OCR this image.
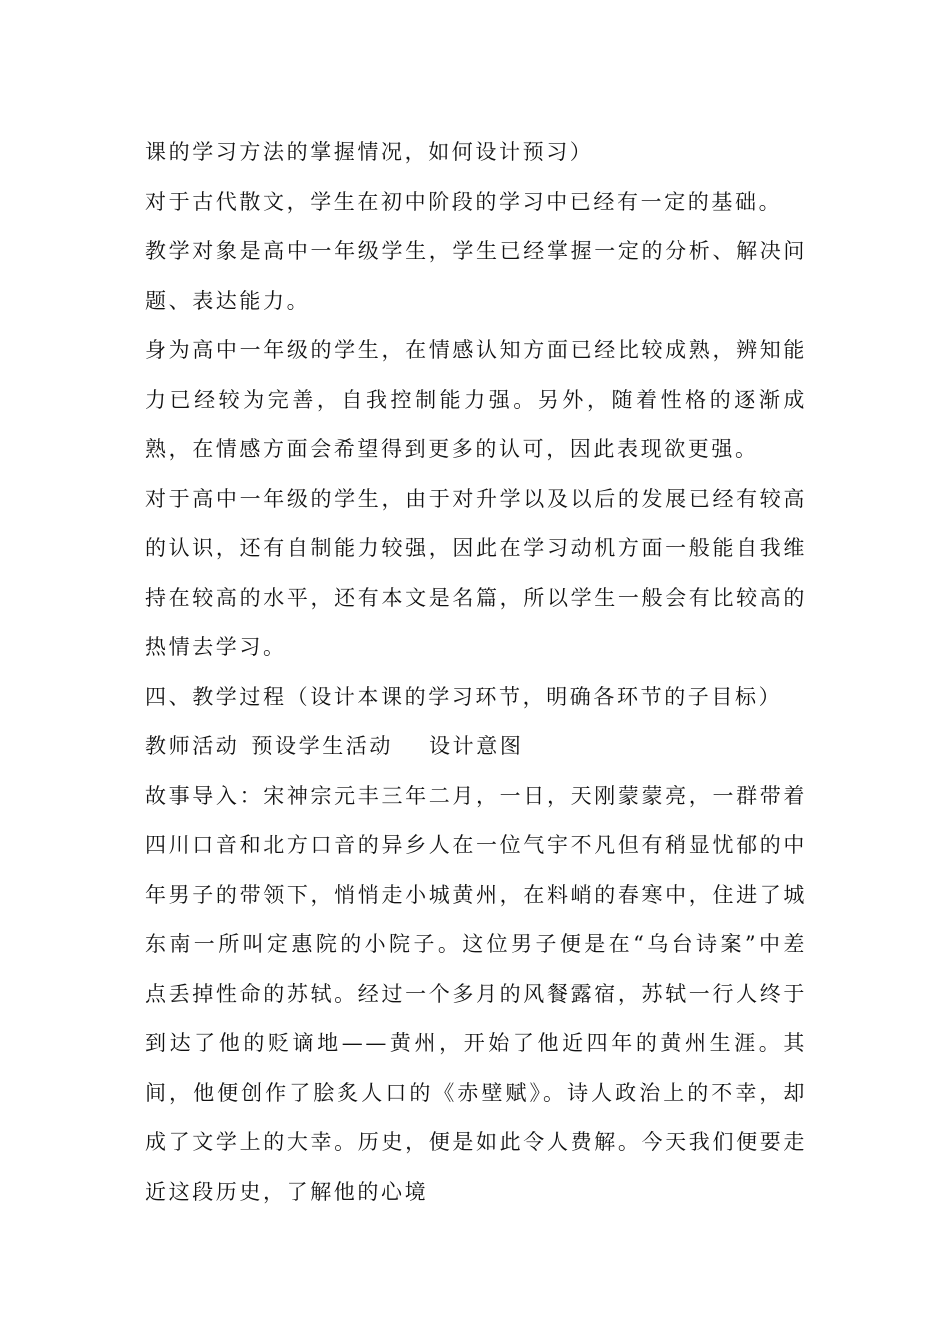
课的学习方法的掌握情况，如何设计预习）

对于古代散文，学生在初中阶段的学习中已经有一定的基础。

教学对象是高中一年级学生，学生已经掌握一定的分析、解决问题、表达能力。

身为高中一年级的学生，在情感认知方面已经比较成熟，辨知能力已经较为完善，自我控制能力强。另外，随着性格的逐渐成熟，在情感方面会希望得到更多的认可，因此表现欲更强。

对于高中一年级的学生，由于对升学以及以后的发展已经有较高的认识，还有自制能力较强，因此在学习动机方面一般能自我维持在较高的水平，还有本文是名篇，所以学生一般会有比较高的热情去学习。

四、教学过程（设计本课的学习环节，明确各环节的子目标）

教师活动 预设学生活动 设计意图

故事导入：宋神宗元丰三年二月，一日，天刚蒙蒙亮，一群带着四川口音和北方口音的异乡人在一位气宇不凡但有稍显忧郁的中年男子的带领下，悄悄走小城黄州，在料峭的春寒中，住进了城东南一所叫定惠院的小院子。这位男子便是在“乌台诗案”中差点丢掉性命的苏轼。经过一个多月的风餐露宿，苏轼一行人终于到达了他的贬谪地——黄州，开始了他近四年的黄州生涯。其间，他便创作了脍炙人口的《赤壁赋》。诗人政治上的不幸，却成了文学上的大幸。历史，便是如此令人费解。今天我们便要走近这段历史，了解他的心境
